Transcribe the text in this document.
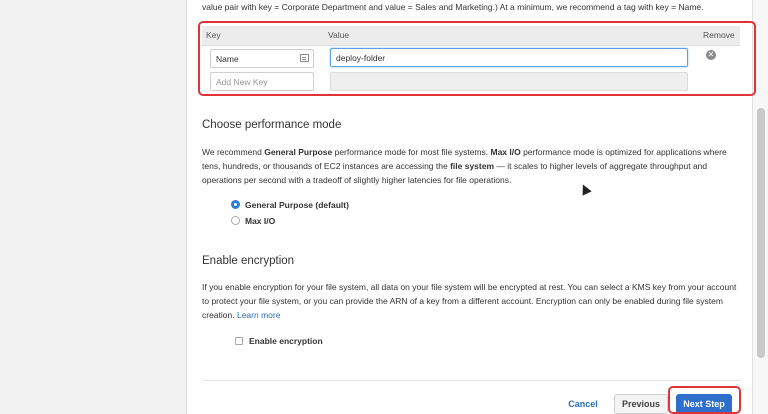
value pair with key = Corporate Department and value = Sales and Marketing.) At a minimum, we recommend a tag with key = Name.
Key	Value	Remove
Name	deploy-folder	✕
Add New Key
Choose performance mode
We recommend General Purpose performance mode for most file systems. Max I/O performance mode is optimized for applications where tens, hundreds, or thousands of EC2 instances are accessing the file system — it scales to higher levels of aggregate throughput and operations per second with a tradeoff of slightly higher latencies for file operations.
General Purpose (default)
Max I/O
Enable encryption
If you enable encryption for your file system, all data on your file system will be encrypted at rest. You can select a KMS key from your account to protect your file system, or you can provide the ARN of a key from a different account. Encryption can only be enabled during file system creation. Learn more
Enable encryption
Cancel	Previous	Next Step
